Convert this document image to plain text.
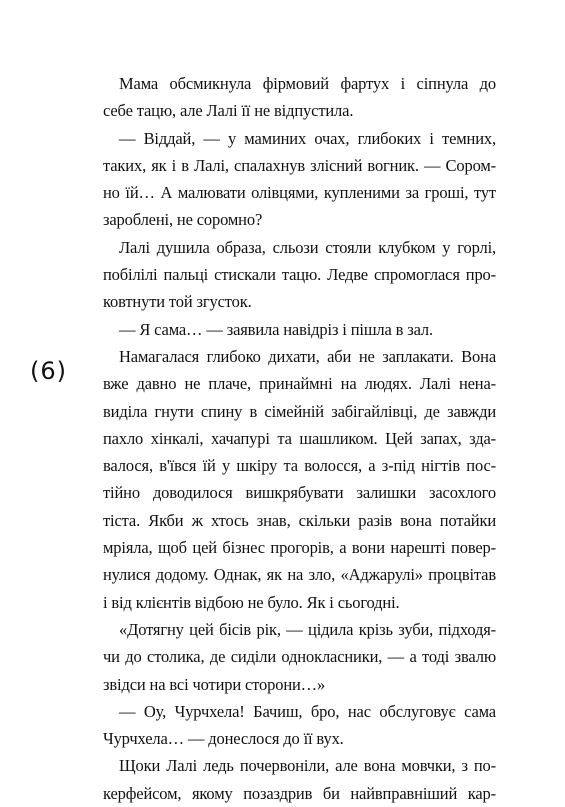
(6)
Мама обсмикнула фірмовий фартух і сіпнула до
себе тацю, але Лалі її не відпустила.
— Віддай, — у маминих очах, глибоких і темних,
таких, як і в Лалі, спалахнув злісний вогник. — Сором-
но їй… А малювати олівцями, купленими за гроші, тут
зароблені, не соромно?
Лалі душила образа, сльози стояли клубком у горлі,
побілілі пальці стискали тацю. Ледве спромоглася про-
ковтнути той згусток.
— Я сама… — заявила навідріз і пішла в зал.
Намагалася глибоко дихати, аби не заплакати. Вона
вже давно не плаче, принаймні на людях. Лалі нена-
виділа гнути спину в сімейній забігайлівці, де завжди
пахло хінкалі, хачапурі та шашликом. Цей запах, зда-
валося, в'ївся їй у шкіру та волосся, а з-під нігтів пос-
тійно доводилося вишкрябувати залишки засохлого
тіста. Якби ж хтось знав, скільки разів вона потайки
мріяла, щоб цей бізнес прогорів, а вони нарешті повер-
нулися додому. Однак, як на зло, «Аджарулі» процвітав
і від клієнтів відбою не було. Як і сьогодні.
«Дотягну цей бісів рік, — цідила крізь зуби, підходя-
чи до столика, де сиділи однокласники, — а тоді звалю
звідси на всі чотири сторони…»
— Оу, Чурчхела! Бачиш, бро, нас обслуговує сама
Чурчхела… — донеслося до її вух.
Щоки Лалі ледь почервоніли, але вона мовчки, з по-
керфейсом, якому позаздрив би найвправніший кар-
